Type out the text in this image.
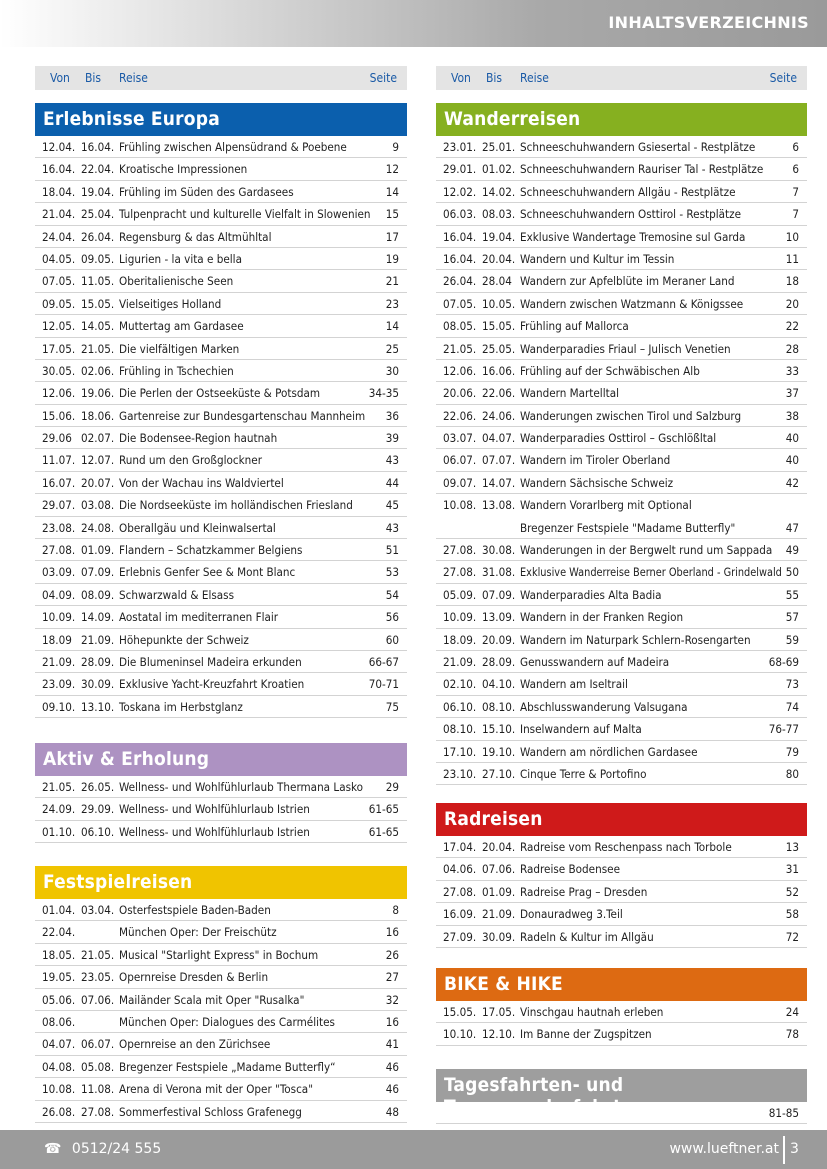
INHALTSVERZEICHNIS
Von Bis Reise	Seite
Erlebnisse Europa
12.04. 16.04. Frühling zwischen Alpensüdrand & Poebene	9
16.04. 22.04. Kroatische Impressionen	12
18.04. 19.04. Frühling im Süden des Gardasees	14
21.04. 25.04. Tulpenpracht und kulturelle Vielfalt in Slowenien 15
24.04. 26.04. Regensburg & das Altmühltal	17
04.05. 09.05. Ligurien - la vita e bella	19
07.05. 11.05. Oberitalienische Seen	21
09.05. 15.05. Vielseitiges Holland	23
12.05. 14.05. Muttertag am Gardasee	14
17.05. 21.05. Die vielfältigen Marken	25
30.05. 02.06. Frühling in Tschechien	30
12.06. 19.06. Die Perlen der Ostseeküste & Potsdam	34-35
15.06. 18.06. Gartenreise zur Bundesgartenschau Mannheim 36
29.06 02.07. Die Bodensee-Region hautnah	39
11.07. 12.07. Rund um den Großglockner	43
16.07. 20.07. Von der Wachau ins Waldviertel	44
29.07. 03.08. Die Nordseeküste im holländischen Friesland	45
23.08. 24.08. Oberallgäu und Kleinwalsertal	43
27.08. 01.09. Flandern – Schatzkammer Belgiens	51
03.09. 07.09. Erlebnis Genfer See & Mont Blanc	53
04.09. 08.09. Schwarzwald & Elsass	54
10.09. 14.09. Aostatal im mediterranen Flair	56
18.09 21.09. Höhepunkte der Schweiz	60
21.09. 28.09. Die Blumeninsel Madeira erkunden	66-67
23.09. 30.09. Exklusive Yacht-Kreuzfahrt Kroatien	70-71
09.10. 13.10. Toskana im Herbstglanz	75
Aktiv & Erholung
21.05. 26.05. Wellness- und Wohlfühlurlaub Thermana Lasko 29
24.09. 29.09. Wellness- und Wohlfühlurlaub Istrien	61-65
01.10. 06.10. Wellness- und Wohlfühlurlaub Istrien	61-65
Festspielreisen
01.04. 03.04. Osterfestspiele Baden-Baden	8
22.04.	München Oper: Der Freischütz	16
18.05. 21.05. Musical "Starlight Express" in Bochum	26
19.05. 23.05. Opernreise Dresden & Berlin	27
05.06. 07.06. Mailänder Scala mit Oper "Rusalka"	32
08.06.	München Oper: Dialogues des Carmélites	16
04.07. 06.07. Opernreise an den Zürichsee	41
04.08. 05.08. Bregenzer Festspiele „Madame Butterfly“	46
10.08. 11.08. Arena di Verona mit der Oper "Tosca"	46
26.08. 27.08. Sommerfestival Schloss Grafenegg	48
Von Bis Reise	Seite
Wanderreisen
23.01. 25.01. Schneeschuhwandern Gsiesertal - Restplätze	6
29.01. 01.02. Schneeschuhwandern Rauriser Tal - Restplätze	6
12.02. 14.02. Schneeschuhwandern Allgäu - Restplätze	7
06.03. 08.03. Schneeschuhwandern Osttirol - Restplätze	7
16.04. 19.04. Exklusive Wandertage Tremosine sul Garda	10
16.04. 20.04. Wandern und Kultur im Tessin	11
26.04. 28.04 Wandern zur Apfelblüte im Meraner Land	18
07.05. 10.05. Wandern zwischen Watzmann & Königssee	20
08.05. 15.05. Frühling auf Mallorca	22
21.05. 25.05. Wanderparadies Friaul – Julisch Venetien	28
12.06. 16.06. Frühling auf der Schwäbischen Alb	33
20.06. 22.06. Wandern Martelltal	37
22.06. 24.06. Wanderungen zwischen Tirol und Salzburg	38
03.07. 04.07. Wanderparadies Osttirol – Gschlößltal	40
06.07. 07.07. Wandern im Tiroler Oberland	40
09.07. 14.07. Wandern Sächsische Schweiz	42
10.08. 13.08. Wandern Vorarlberg mit Optional
Bregenzer Festspiele "Madame Butterfly"	47
27.08. 30.08. Wanderungen in der Bergwelt rund um Sappada 49
27.08. 31.08. Exklusive Wanderreise Berner Oberland - Grindelwald 50
05.09. 07.09. Wanderparadies Alta Badia	55
10.09. 13.09. Wandern in der Franken Region	57
18.09. 20.09. Wandern im Naturpark Schlern-Rosengarten	59
21.09. 28.09. Genusswandern auf Madeira	68-69
02.10. 04.10. Wandern am Iseltrail	73
06.10. 08.10. Abschlusswanderung Valsugana	74
08.10. 15.10. Inselwandern auf Malta	76-77
17.10. 19.10. Wandern am nördlichen Gardasee	79
23.10. 27.10. Cinque Terre & Portofino	80
Radreisen
17.04. 20.04. Radreise vom Reschenpass nach Torbole	13
04.06. 07.06. Radreise Bodensee	31
27.08. 01.09. Radreise Prag – Dresden	52
16.09. 21.09. Donauradweg 3.Teil	58
27.09. 30.09. Radeln & Kultur im Allgäu	72
BIKE & HIKE
15.05. 17.05. Vinschgau hautnah erleben	24
10.10. 12.10. Im Banne der Zugspitzen	78
Tagesfahrten- und Tageswanderfahrten	81-85
☎ 0512/24 555	www.lueftner.at 3
